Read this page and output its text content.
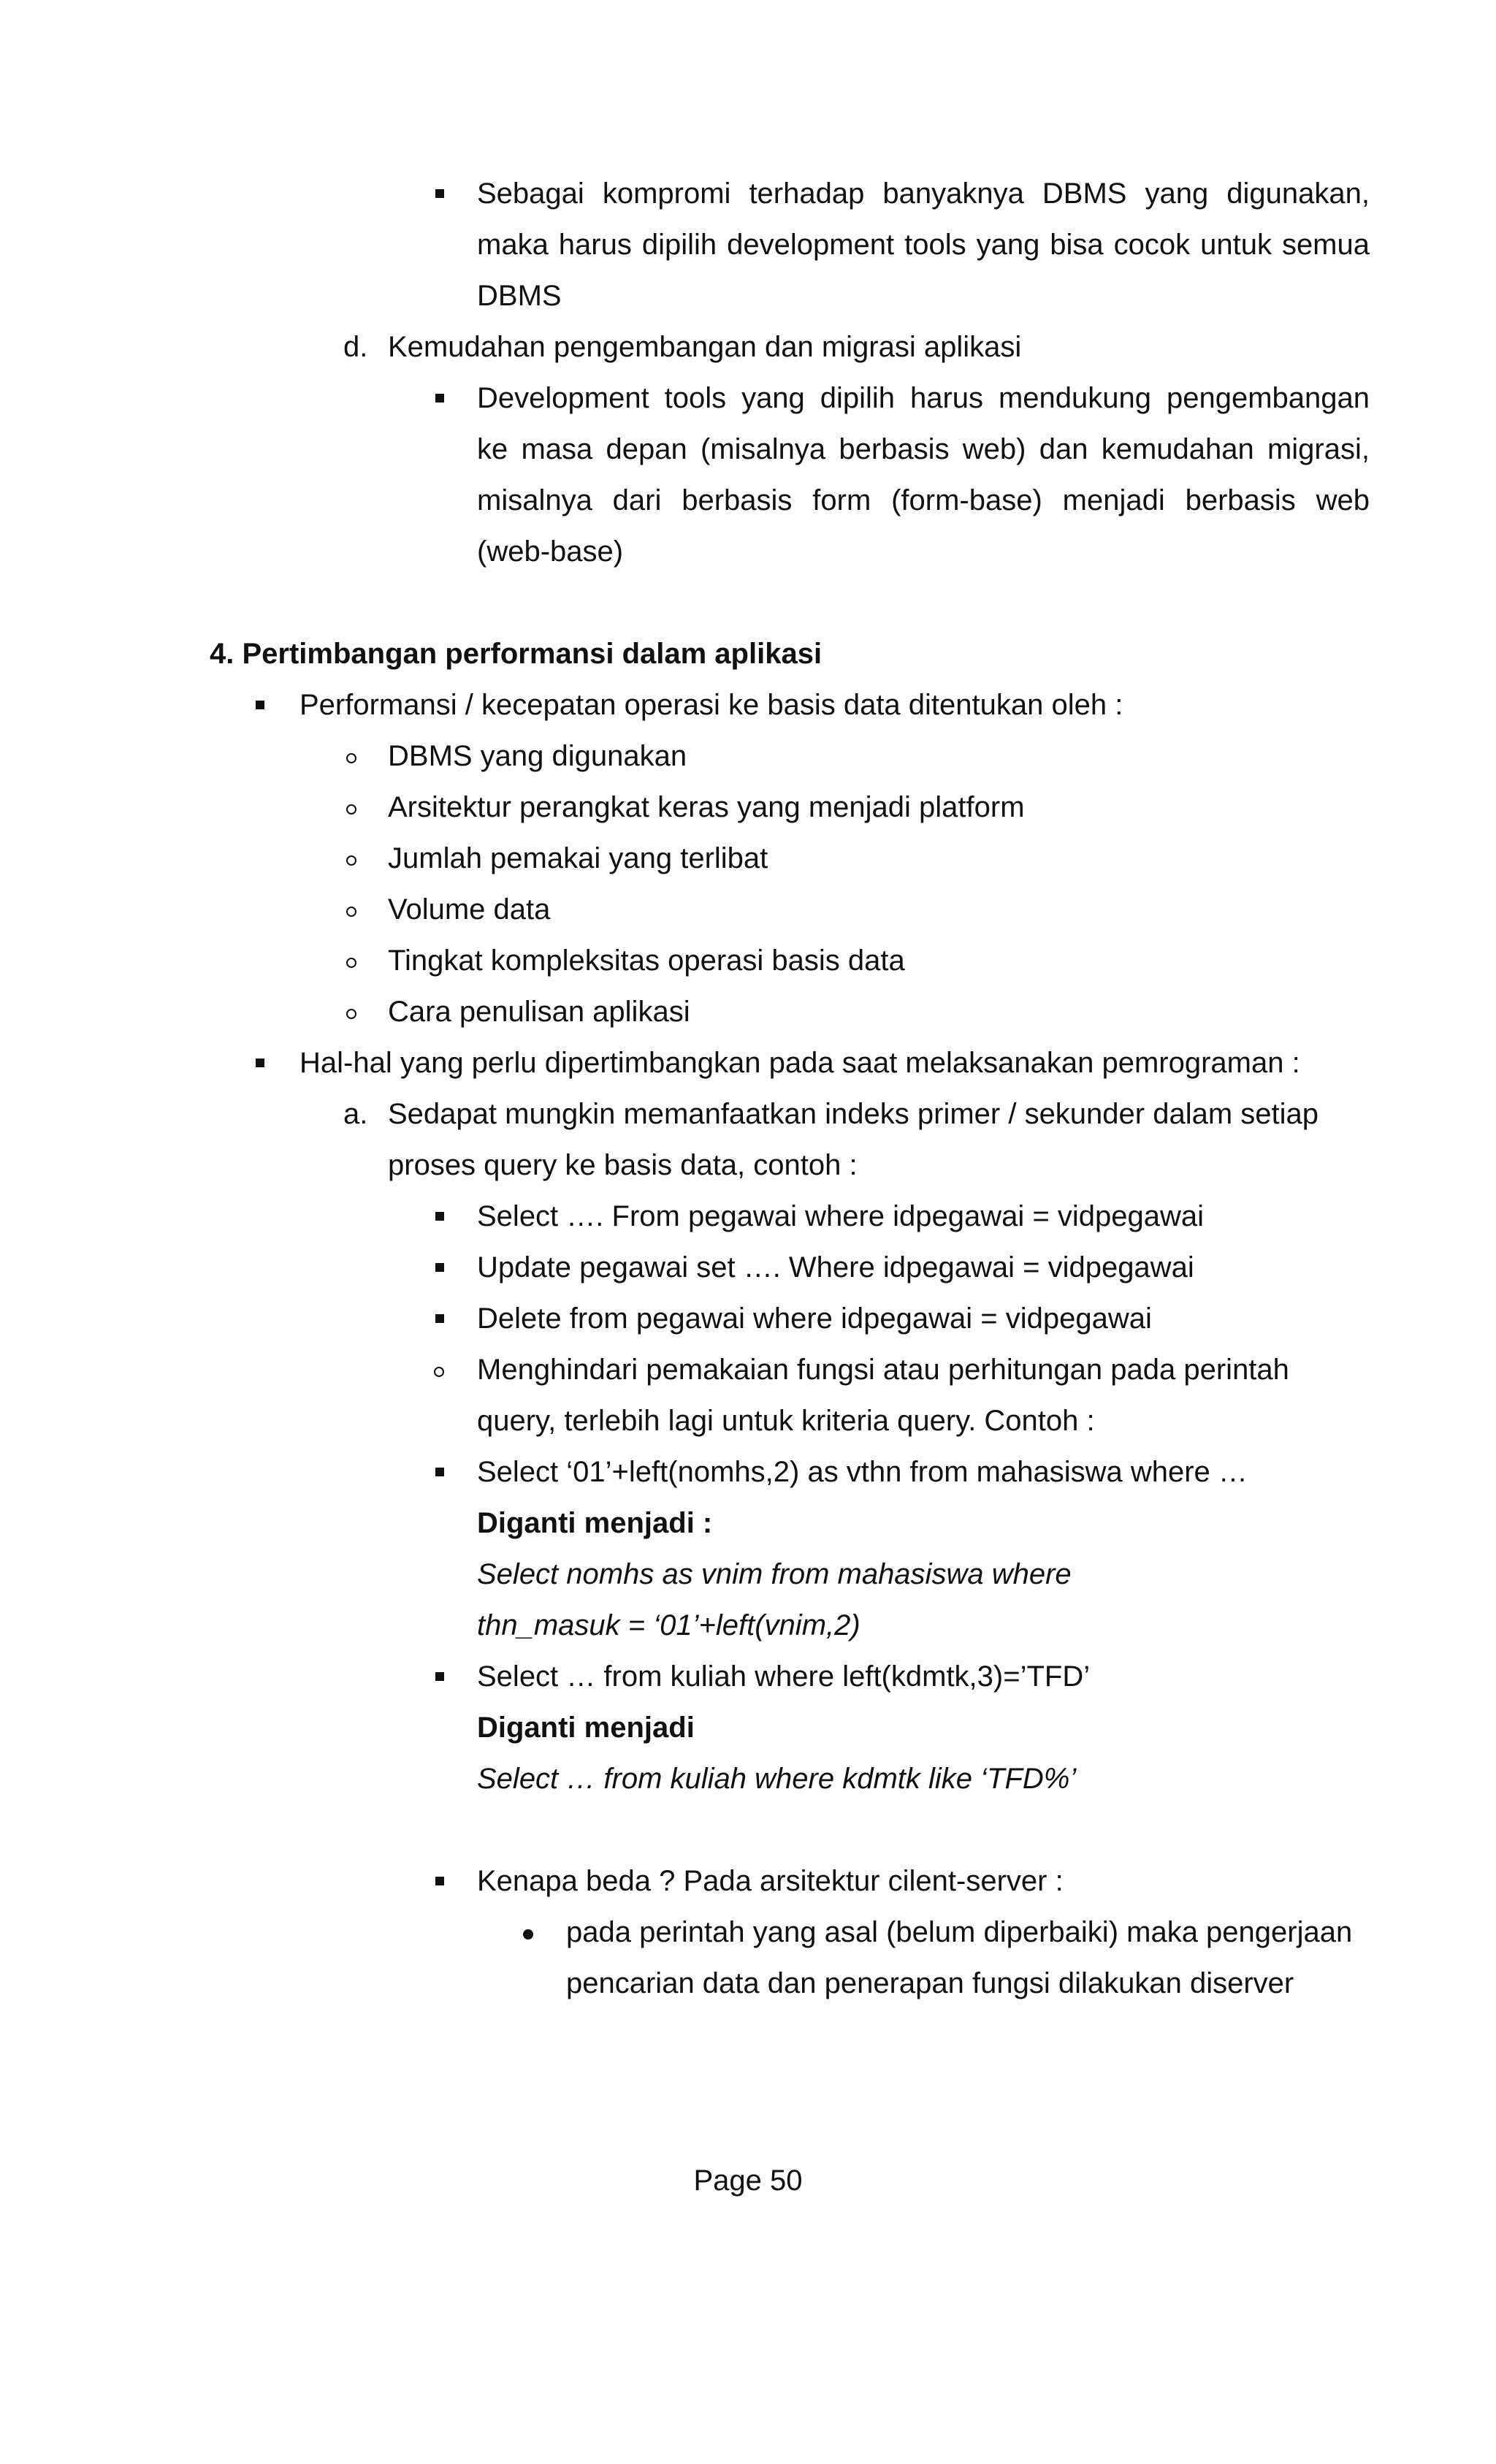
Sebagai kompromi terhadap banyaknya DBMS yang digunakan,
maka harus dipilih development tools yang bisa cocok untuk semua
DBMS
d. Kemudahan pengembangan dan migrasi aplikasi
Development tools yang dipilih harus mendukung pengembangan
ke masa depan (misalnya berbasis web) dan kemudahan migrasi,
misalnya dari berbasis form (form-base) menjadi berbasis web
(web-base)
4. Pertimbangan performansi dalam aplikasi
Performansi / kecepatan operasi ke basis data ditentukan oleh :
DBMS yang digunakan
Arsitektur perangkat keras yang menjadi platform
Jumlah pemakai yang terlibat
Volume data
Tingkat kompleksitas operasi basis data
Cara penulisan aplikasi
Hal-hal yang perlu dipertimbangkan pada saat melaksanakan pemrograman :
a. Sedapat mungkin memanfaatkan indeks primer / sekunder dalam setiap
proses query ke basis data, contoh :
Select …. From pegawai where idpegawai = vidpegawai
Update pegawai set …. Where idpegawai = vidpegawai
Delete from pegawai where idpegawai = vidpegawai
Menghindari pemakaian fungsi atau perhitungan pada perintah
query, terlebih lagi untuk kriteria query. Contoh :
Select ‘01’+left(nomhs,2) as vthn from mahasiswa where …
Diganti menjadi :
Select nomhs as vnim from mahasiswa where
thn_masuk = ‘01’+left(vnim,2)
Select … from kuliah where left(kdmtk,3)=’TFD’
Diganti menjadi
Select … from kuliah where kdmtk like ‘TFD%’
Kenapa beda ? Pada arsitektur cilent-server :
pada perintah yang asal (belum diperbaiki) maka pengerjaan
pencarian data dan penerapan fungsi dilakukan diserver
Page 50
